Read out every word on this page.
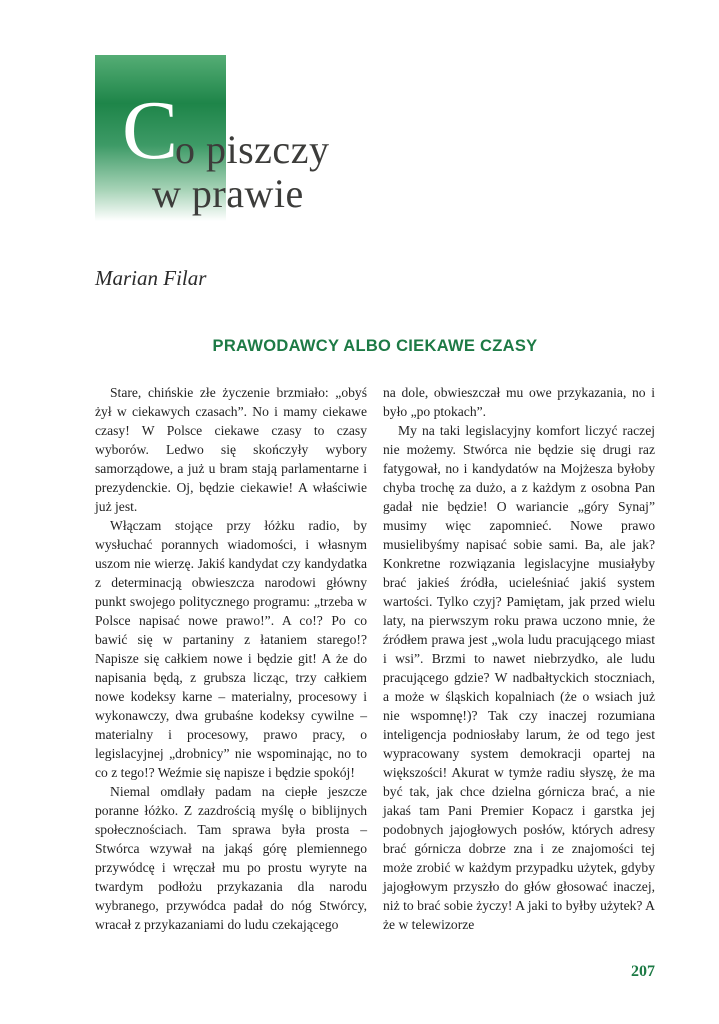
C
o piszczy
w prawie
Marian Filar
PRAWODAWCY ALBO CIEKAWE CZASY

Stare, chińskie złe życzenie brzmiało: „obyś żył w ciekawych czasach”. No i mamy ciekawe czasy! W Polsce ciekawe czasy to czasy wyborów. Ledwo się skończyły wybory samorządowe, a już u bram stają parlamentarne i prezydenckie. Oj, będzie ciekawie! A właściwie już jest.

Włączam stojące przy łóżku radio, by wysłuchać porannych wiadomości, i własnym uszom nie wierzę. Jakiś kandydat czy kandydatka z determinacją obwieszcza narodowi główny punkt swojego politycznego programu: „trzeba w Polsce napisać nowe prawo!”. A co!? Po co bawić się w partaniny z łataniem starego!? Napisze się całkiem nowe i będzie git! A że do napisania będą, z grubsza licząc, trzy całkiem nowe kodeksy karne – materialny, procesowy i wykonawczy, dwa grubaśne kodeksy cywilne – materialny i procesowy, prawo pracy, o legislacyjnej „drobnicy” nie wspominając, no to co z tego!? Weźmie się napisze i będzie spokój!

Niemal omdlały padam na ciepłe jeszcze poranne łóżko. Z zazdrością myślę o biblijnych społecznościach. Tam sprawa była prosta – Stwórca wzywał na jakąś górę plemiennego przywódcę i wręczał mu po prostu wyryte na twardym podłożu przykazania dla narodu wybranego, przywódca padał do nóg Stwórcy, wracał z przykazaniami do ludu czekającego

na dole, obwieszczał mu owe przykazania, no i było „po ptokach”.

My na taki legislacyjny komfort liczyć raczej nie możemy. Stwórca nie będzie się drugi raz fatygował, no i kandydatów na Mojżesza byłoby chyba trochę za dużo, a z każdym z osobna Pan gadał nie będzie! O wariancie „góry Synaj” musimy więc zapomnieć. Nowe prawo musielibyśmy napisać sobie sami. Ba, ale jak? Konkretne rozwiązania legislacyjne musiałyby brać jakieś źródła, ucieleśniać jakiś system wartości. Tylko czyj? Pamiętam, jak przed wielu laty, na pierwszym roku prawa uczono mnie, że źródłem prawa jest „wola ludu pracującego miast i wsi”. Brzmi to nawet niebrzydko, ale ludu pracującego gdzie? W nadbałtyckich stoczniach, a może w śląskich kopalniach (że o wsiach już nie wspomnę!)? Tak czy inaczej rozumiana inteligencja podniosłaby larum, że od tego jest wypracowany system demokracji opartej na większości! Akurat w tymże radiu słyszę, że ma być tak, jak chce dzielna górnicza brać, a nie jakaś tam Pani Premier Kopacz i garstka jej podobnych jajogłowych posłów, których adresy brać górnicza dobrze zna i ze znajomości tej może zrobić w każdym przypadku użytek, gdyby jajogłowym przyszło do głów głosować inaczej, niż to brać sobie życzy! A jaki to byłby użytek? A że w telewizorze

207
